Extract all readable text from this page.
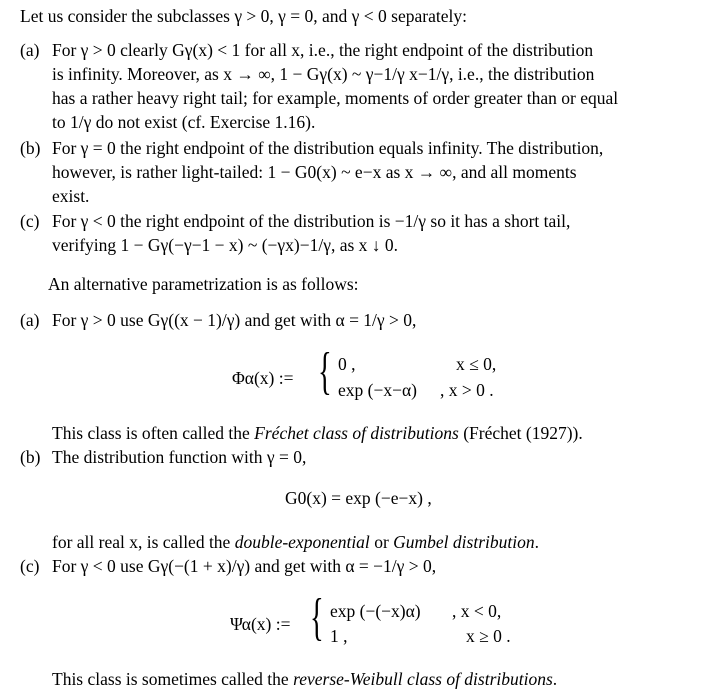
Let us consider the subclasses γ > 0, γ = 0, and γ < 0 separately:
(a) For γ > 0 clearly Gγ(x) < 1 for all x, i.e., the right endpoint of the distribution
is infinity. Moreover, as x → ∞, 1 − Gγ(x) ~ γ−1/γ x−1/γ, i.e., the distribution
has a rather heavy right tail; for example, moments of order greater than or equal
to 1/γ do not exist (cf. Exercise 1.16).
(b) For γ = 0 the right endpoint of the distribution equals infinity. The distribution,
however, is rather light-tailed: 1 − G0(x) ~ e−x as x → ∞, and all moments
exist.
(c) For γ < 0 the right endpoint of the distribution is −1/γ so it has a short tail,
verifying 1 − Gγ(−γ−1 − x) ~ (−γx)−1/γ, as x ↓ 0.
An alternative parametrization is as follows:
(a) For γ > 0 use Gγ((x − 1)/γ) and get with α = 1/γ > 0,
Φα(x) := { 0 ,	x ≤ 0,
exp (−x−α) , x > 0 .
This class is often called the Fréchet class of distributions (Fréchet (1927)).
(b) The distribution function with γ = 0,
G0(x) = exp (−e−x) ,
for all real x, is called the double-exponential or Gumbel distribution.
(c) For γ < 0 use Gγ(−(1 + x)/γ) and get with α = −1/γ > 0,
Ψα(x) := { exp (−(−x)α) , x < 0,
1 ,	x ≥ 0 .
This class is sometimes called the reverse-Weibull class of distributions.
